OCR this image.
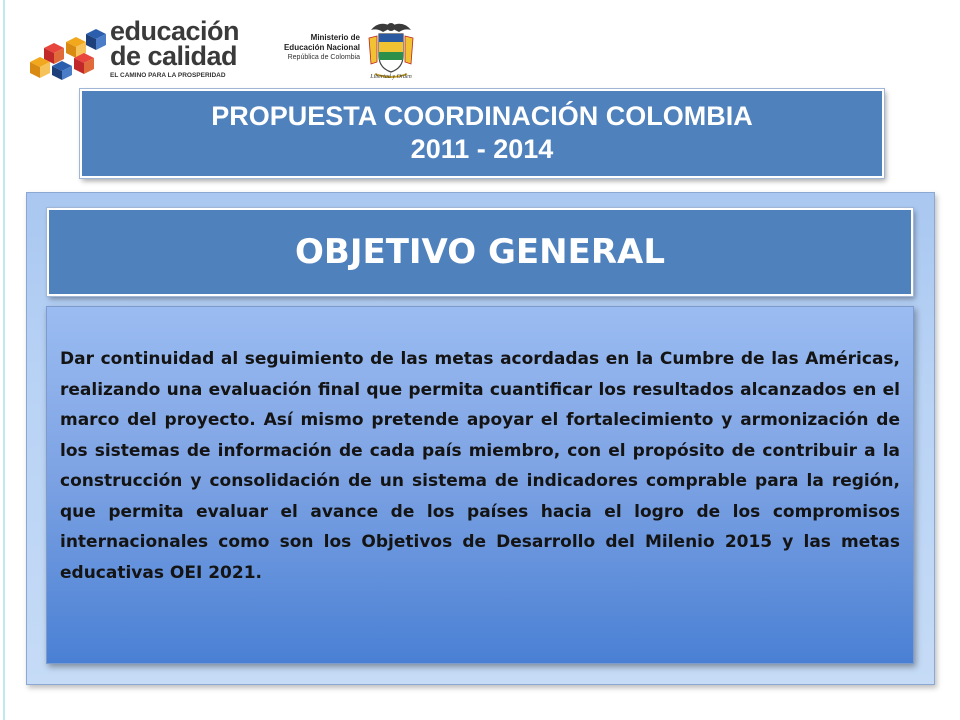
educación
de calidad
EL CAMINO PARA LA PROSPERIDAD
Ministerio de
Educación Nacional
República de Colombia
Libertad y Orden
PROPUESTA COORDINACIÓN COLOMBIA
2011 - 2014
OBJETIVO GENERAL

Dar continuidad al seguimiento de las metas acordadas en la Cumbre de las Américas, realizando una evaluación final que permita cuantificar los resultados alcanzados en el marco del proyecto. Así mismo pretende apoyar el fortalecimiento y armonización de los sistemas de información de cada país miembro, con el propósito de contribuir a la construcción y consolidación de un sistema de indicadores comprable para la región, que permita evaluar el avance de los países hacia el logro de los compromisos internacionales como son los Objetivos de Desarrollo del Milenio 2015 y las metas educativas OEI 2021.
